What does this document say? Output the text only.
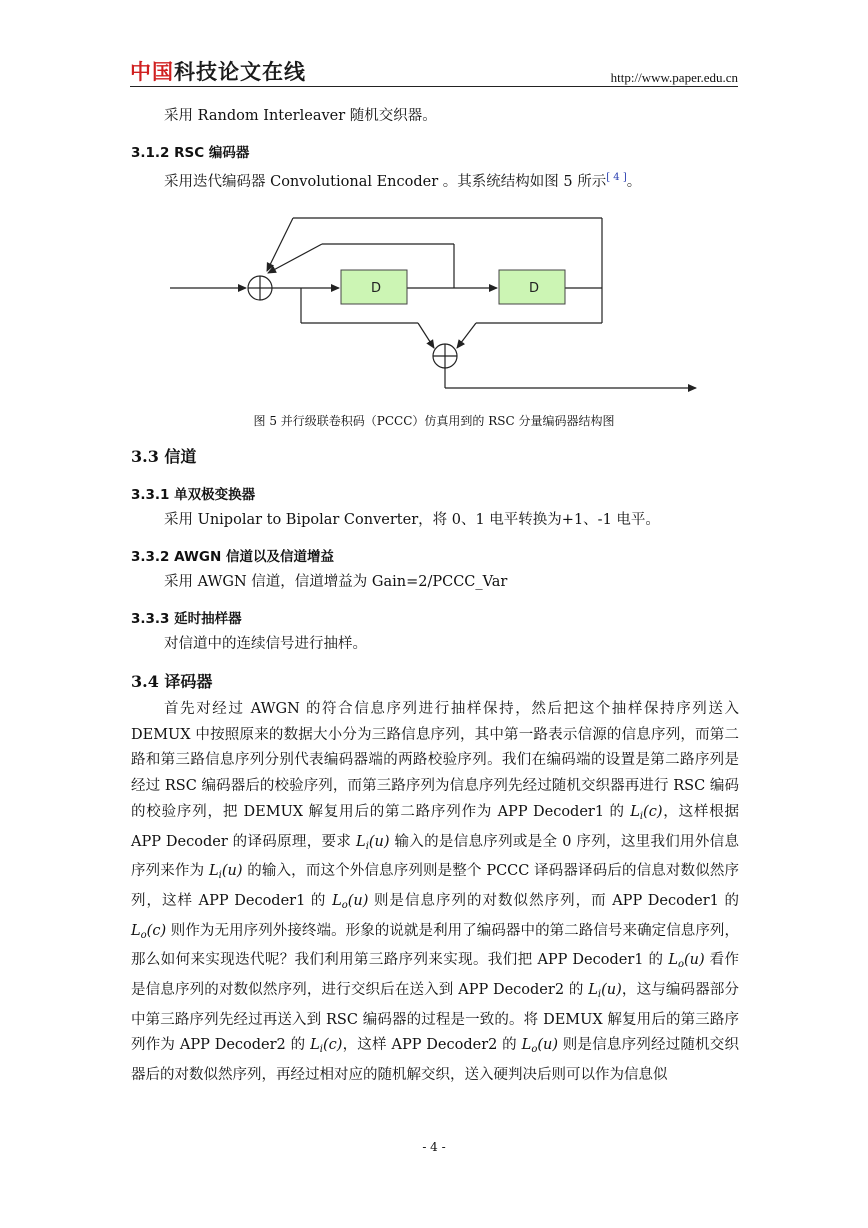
中国科技论文在线	http://www.paper.edu.cn
采用 Random Interleaver 随机交织器。
3.1.2 RSC 编码器
采用迭代编码器 Convolutional Encoder 。其系统结构如图 5 所示[ 4 ]。
D	D
图 5 并行级联卷积码（PCCC）仿真用到的 RSC 分量编码器结构图
3.3 信道
3.3.1 单双极变换器
采用 Unipolar to Bipolar Converter，将 0、1 电平转换为+1、-1 电平。
3.3.2 AWGN 信道以及信道增益
采用 AWGN 信道，信道增益为 Gain=2/PCCC_Var
3.3.3 延时抽样器
对信道中的连续信号进行抽样。
3.4 译码器
首先对经过 AWGN 的符合信息序列进行抽样保持，然后把这个抽样保持序列送入 DEMUX 中按照原来的数据大小分为三路信息序列，其中第一路表示信源的信息序列，而第二路和第三路信息序列分别代表编码器端的两路校验序列。我们在编码端的设置是第二路序列是经过 RSC 编码器后的校验序列，而第三路序列为信息序列先经过随机交织器再进行 RSC 编码的校验序列，把 DEMUX 解复用后的第二路序列作为 APP Decoder1 的 $L_i(c)$，这样根据 APP Decoder 的译码原理，要求 $L_i(u)$ 输入的是信息序列或是全 0 序列，这里我们用外信息序列来作为 $L_i(u)$ 的输入，而这个外信息序列则是整个 PCCC 译码器译码后的信息对数似然序列，这样 APP Decoder1 的 $L_o(u)$ 则是信息序列的对数似然序列，而 APP Decoder1 的 $L_o(c)$ 则作为无用序列外接终端。形象的说就是利用了编码器中的第二路信号来确定信息序列，那么如何来实现迭代呢？我们利用第三路序列来实现。我们把 APP Decoder1 的 $L_o(u)$ 看作是信息序列的对数似然序列，进行交织后在送入到 APP Decoder2 的 $L_i(u)$，这与编码器部分中第三路序列先经过再送入到 RSC 编码器的过程是一致的。将 DEMUX 解复用后的第三路序列作为 APP Decoder2 的 $L_i(c)$，这样 APP Decoder2 的 $L_o(u)$ 则是信息序列经过随机交织器后的对数似然序列，再经过相对应的随机解交织，送入硬判决后则可以作为信息似
- 4 -
